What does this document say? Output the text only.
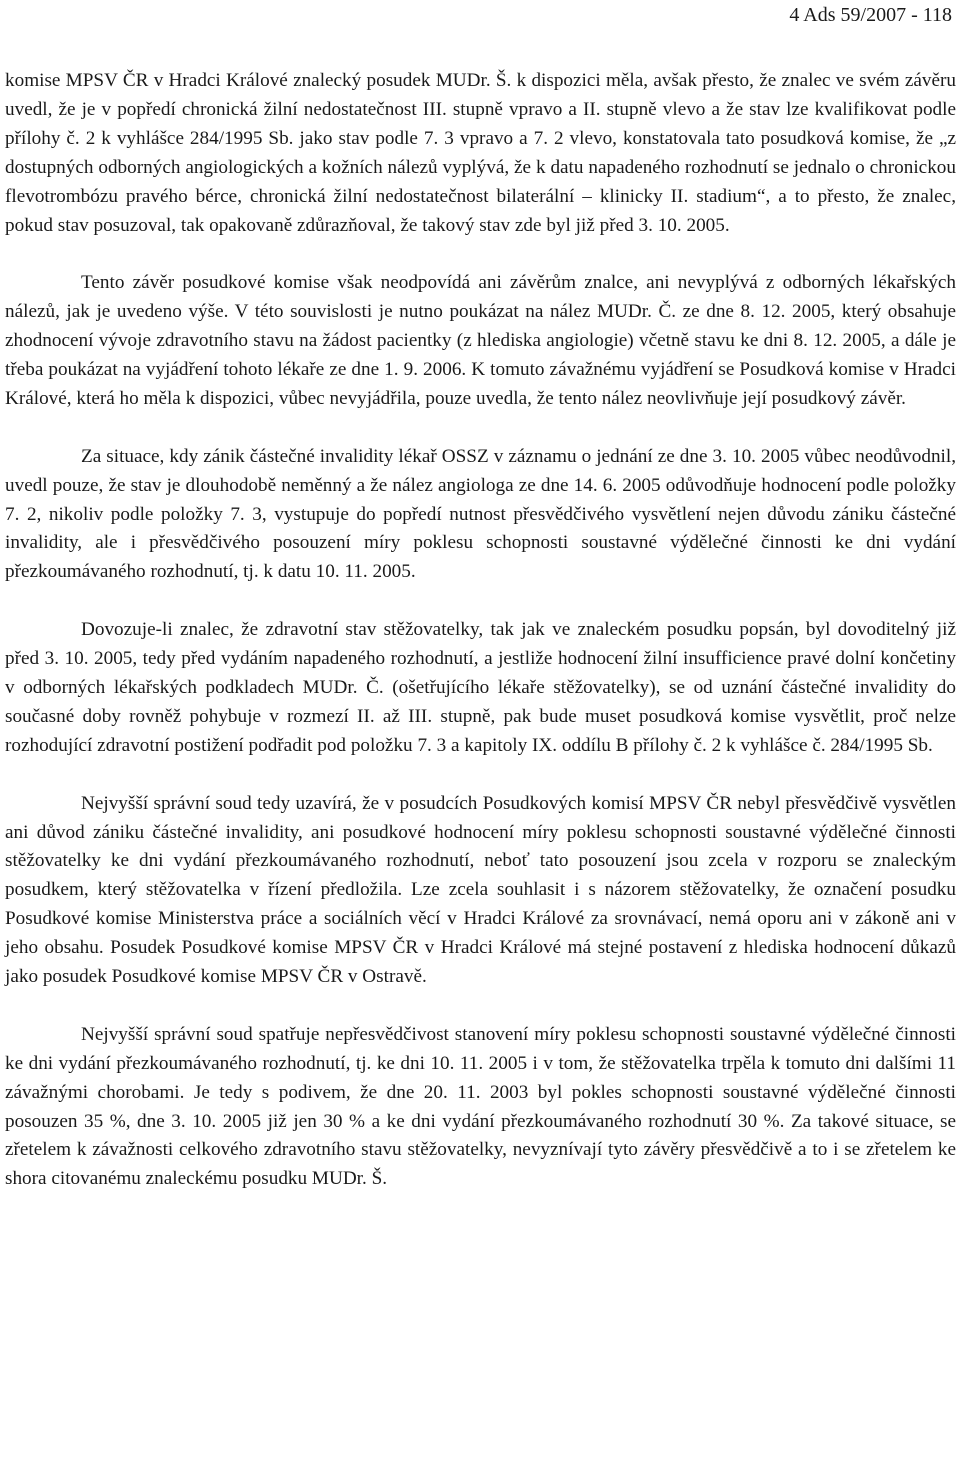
4 Ads 59/2007 - 118

komise MPSV ČR v Hradci Králové znalecký posudek MUDr. Š. k dispozici měla, avšak přesto, že znalec ve svém závěru uvedl, že je v popředí chronická žilní nedostatečnost III. stupně vpravo a II. stupně vlevo a že stav lze kvalifikovat podle přílohy č. 2 k vyhlášce 284/1995 Sb. jako stav podle 7. 3 vpravo a 7. 2 vlevo, konstatovala tato posudková komise, že „z dostupných odborných angiologických a kožních nálezů vyplývá, že k datu napadeného rozhodnutí se jednalo o chronickou flevotrombózu pravého bérce, chronická žilní nedostatečnost bilaterální – klinicky II. stadium“, a to přesto, že znalec, pokud stav posuzoval, tak opakovaně zdůrazňoval, že takový stav zde byl již před 3. 10. 2005.

Tento závěr posudkové komise však neodpovídá ani závěrům znalce, ani nevyplývá z odborných lékařských nálezů, jak je uvedeno výše. V této souvislosti je nutno poukázat na nález MUDr. Č. ze dne 8. 12. 2005, který obsahuje zhodnocení vývoje zdravotního stavu na žádost pacientky (z hlediska angiologie) včetně stavu ke dni 8. 12. 2005, a dále je třeba poukázat na vyjádření tohoto lékaře ze dne 1. 9. 2006. K tomuto závažnému vyjádření se Posudková komise v Hradci Králové, která ho měla k dispozici, vůbec nevyjádřila, pouze uvedla, že tento nález neovlivňuje její posudkový závěr.

Za situace, kdy zánik částečné invalidity lékař OSSZ v záznamu o jednání ze dne 3. 10. 2005 vůbec neodůvodnil, uvedl pouze, že stav je dlouhodobě neměnný a že nález angiologa ze dne 14. 6. 2005 odůvodňuje hodnocení podle položky 7. 2, nikoliv podle položky 7. 3, vystupuje do popředí nutnost přesvědčivého vysvětlení nejen důvodu zániku částečné invalidity, ale i přesvědčivého posouzení míry poklesu schopnosti soustavné výdělečné činnosti ke dni vydání přezkoumávaného rozhodnutí, tj. k datu 10. 11. 2005.

Dovozuje-li znalec, že zdravotní stav stěžovatelky, tak jak ve znaleckém posudku popsán, byl dovoditelný již před 3. 10. 2005, tedy před vydáním napadeného rozhodnutí, a jestliže hodnocení žilní insufficience pravé dolní končetiny v odborných lékařských podkladech MUDr. Č. (ošetřujícího lékaře stěžovatelky), se od uznání částečné invalidity do současné doby rovněž pohybuje v rozmezí II. až III. stupně, pak bude muset posudková komise vysvětlit, proč nelze rozhodující zdravotní postižení podřadit pod položku 7. 3 a kapitoly IX. oddílu B přílohy č. 2 k vyhlášce č. 284/1995 Sb.

Nejvyšší správní soud tedy uzavírá, že v posudcích Posudkových komisí MPSV ČR nebyl přesvědčivě vysvětlen ani důvod zániku částečné invalidity, ani posudkové hodnocení míry poklesu schopnosti soustavné výdělečné činnosti stěžovatelky ke dni vydání přezkoumávaného rozhodnutí, neboť tato posouzení jsou zcela v rozporu se znaleckým posudkem, který stěžovatelka v řízení předložila. Lze zcela souhlasit i s názorem stěžovatelky, že označení posudku Posudkové komise Ministerstva práce a sociálních věcí v Hradci Králové za srovnávací, nemá oporu ani v zákoně ani v jeho obsahu. Posudek Posudkové komise MPSV ČR v Hradci Králové má stejné postavení z hlediska hodnocení důkazů jako posudek Posudkové komise MPSV ČR v Ostravě.

Nejvyšší správní soud spatřuje nepřesvědčivost stanovení míry poklesu schopnosti soustavné výdělečné činnosti ke dni vydání přezkoumávaného rozhodnutí, tj. ke dni 10. 11. 2005 i v tom, že stěžovatelka trpěla k tomuto dni dalšími 11 závažnými chorobami. Je tedy s podivem, že dne 20. 11. 2003 byl pokles schopnosti soustavné výdělečné činnosti posouzen 35 %, dne 3. 10. 2005 již jen 30 % a ke dni vydání přezkoumávaného rozhodnutí 30 %. Za takové situace, se zřetelem k závažnosti celkového zdravotního stavu stěžovatelky, nevyznívají tyto závěry přesvědčivě a to i se zřetelem ke shora citovanému znaleckému posudku MUDr. Š.
